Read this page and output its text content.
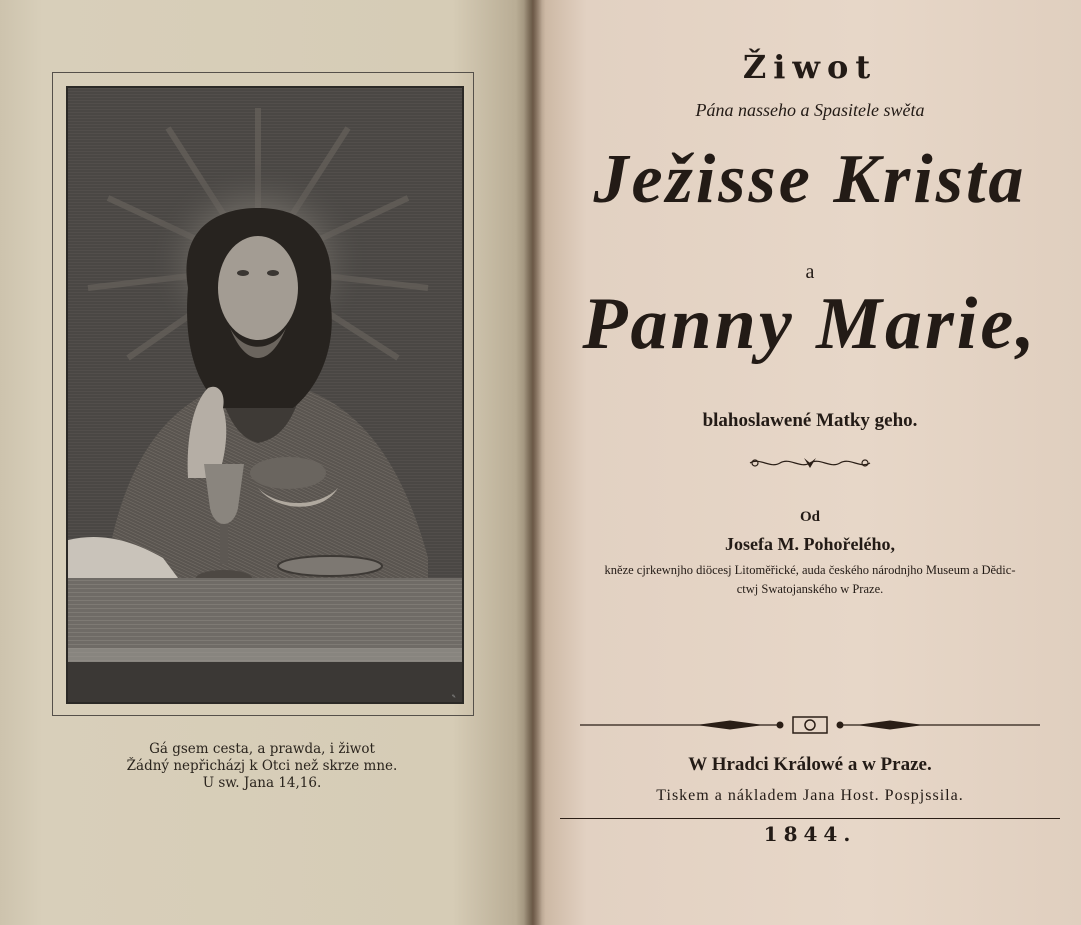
✎
Gá gsem cesta, a prawda, i žiwot
Žádný nepřicházj k Otci než skrze mne.
U sw. Jana 14,16.
Žiwot
Pána nasseho a Spasitele swěta
Ježisse Krista
a
Panny Marie,
blahoslawené Matky geho.
Od
Josefa M. Pohořelého,
kněze cjrkewnjho diöcesj Litoměřické, auda českého národnjho Museum a Dědic-
ctwj Swatojanského w Praze.
W Hradci Králowé a w Praze.
Tiskem a nákladem Jana Host. Pospjssila.
1844.
